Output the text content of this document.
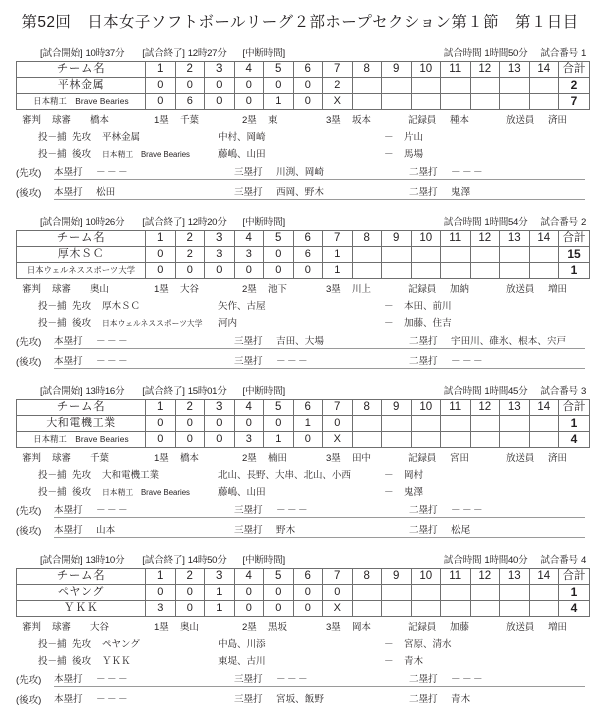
第52回　日本女子ソフトボールリーグ２部ホープセクション第１節　第１日目
[試合開始] 10時37分 [試合終了] 12時27分 [中断時間]	試合時間 1時間50分 試合番号 1
チーム名	1	2	3	4	5	6	7	8	9	10	11	12	13	14	合計
平林金属	0	0	0	0	0	0	2								2
日本精工　Brave Bearies	0	6	0	0	1	0	X								7
審判	球審	橋本	1塁	千葉	2塁	東	3塁	坂本	記録員	種本	放送員	済田
投－捕 先攻	平林金属	中村、岡崎	－	片山
投－捕 後攻	日本精工　Brave Bearies	藤嶋、山田	－	馬場
(先攻)	本塁打	－－－	三塁打	川渕、岡崎	二塁打	－－－
(後攻)	本塁打	松田	三塁打	西岡、野木	二塁打	鬼澤
[試合開始] 10時26分 [試合終了] 12時20分 [中断時間]	試合時間 1時間54分 試合番号 2
チーム名	1	2	3	4	5	6	7	8	9	10	11	12	13	14	合計
厚木ＳＣ	0	2	3	3	0	6	1								15
日本ウェルネススポーツ大学	0	0	0	0	0	0	1								1
審判	球審	奥山	1塁	大谷	2塁	池下	3塁	川上	記録員	加納	放送員	増田
投－捕 先攻	厚木ＳＣ	矢作、古屋	－	本田、前川
投－捕 後攻	日本ウェルネススポーツ大学	河内	－	加藤、住吉
(先攻)	本塁打	－－－	三塁打	吉田、大場	二塁打	宇田川、碓氷、根本、宍戸
(後攻)	本塁打	－－－	三塁打	－－－	二塁打	－－－
[試合開始] 13時16分 [試合終了] 15時01分 [中断時間]	試合時間 1時間45分 試合番号 3
チーム名	1	2	3	4	5	6	7	8	9	10	11	12	13	14	合計
大和電機工業	0	0	0	0	0	1	0								1
日本精工　Brave Bearies	0	0	0	3	1	0	X								4
審判	球審	千葉	1塁	橋本	2塁	楠田	3塁	田中	記録員	宮田	放送員	済田
投－捕 先攻	大和電機工業	北山、長野、大串、北山、小西	－	岡村
投－捕 後攻	日本精工　Brave Bearies	藤嶋、山田	－	鬼澤
(先攻)	本塁打	－－－	三塁打	－－－	二塁打	－－－
(後攻)	本塁打	山本	三塁打	野木	二塁打	松尾
[試合開始] 13時10分 [試合終了] 14時50分 [中断時間]	試合時間 1時間40分 試合番号 4
チーム名	1	2	3	4	5	6	7	8	9	10	11	12	13	14	合計
ペヤング	0	0	1	0	0	0	0								1
ＹＫＫ	3	0	1	0	0	0	X								4
審判	球審	大谷	1塁	奥山	2塁	黒坂	3塁	岡本	記録員	加藤	放送員	増田
投－捕 先攻	ペヤング	中島、川添	－	宮原、清水
投－捕 後攻	ＹＫＫ	東堤、古川	－	青木
(先攻)	本塁打	－－－	三塁打	－－－	二塁打	－－－
(後攻)	本塁打	－－－	三塁打	宮坂、飯野	二塁打	青木
